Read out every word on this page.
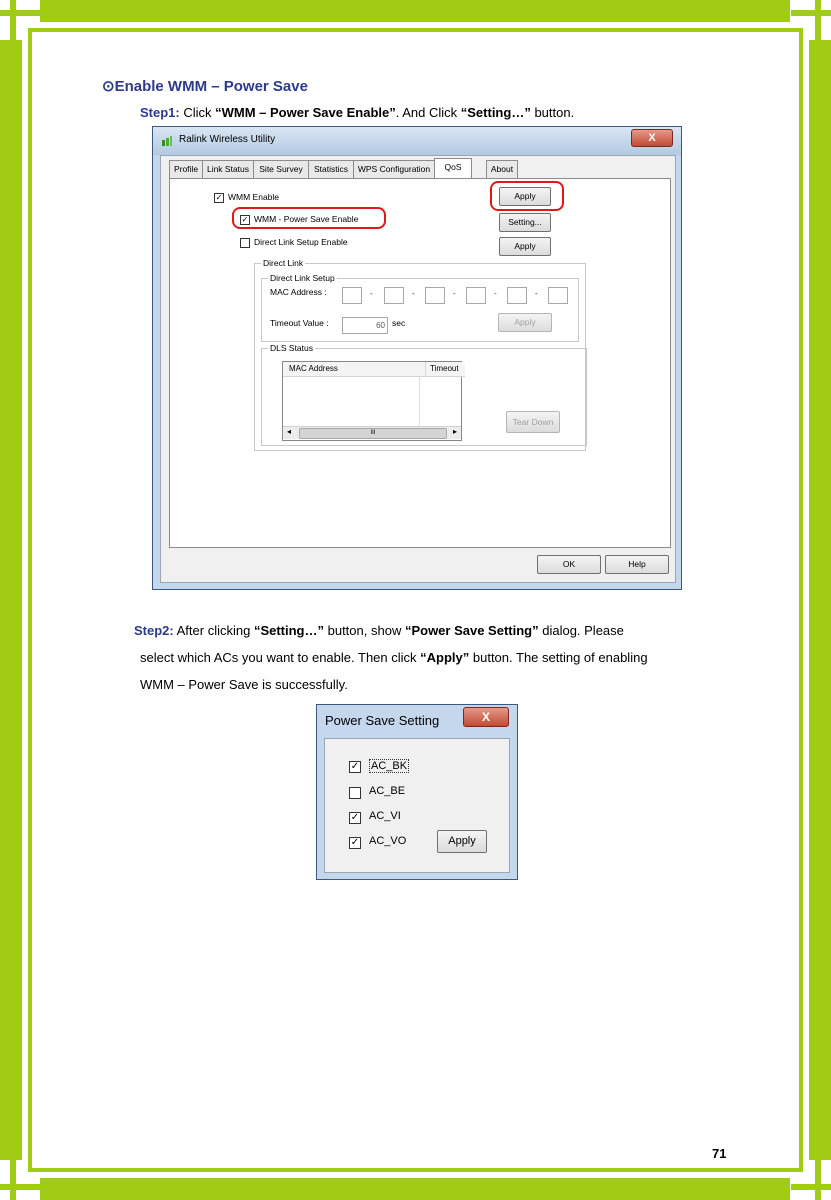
⊙Enable WMM – Power Save
Step1: Click “WMM – Power Save Enable”. And Click “Setting…” button.
Ralink Wireless Utility	X
Profile	Link Status	Site Survey	Statistics	WPS Configuration	QoS	About
✓ WMM Enable
✓ WMM - Power Save Enable
Direct Link Setup Enable
Apply
Setting...
Apply
Direct Link
Direct Link Setup
MAC Address :	-	-	-	-	-
Timeout Value :	60 sec	Apply
DLS Status
MAC Address	Timeout
◂	III	▸
Tear Down
OK	Help
Step2: After clicking “Setting…” button, show “Power Save Setting” dialog. Please
select which ACs you want to enable. Then click “Apply” button. The setting of enabling
WMM – Power Save is successfully.
Power Save Setting	X
✓ AC_BK
AC_BE
✓ AC_VI
✓ AC_VO	Apply
71
